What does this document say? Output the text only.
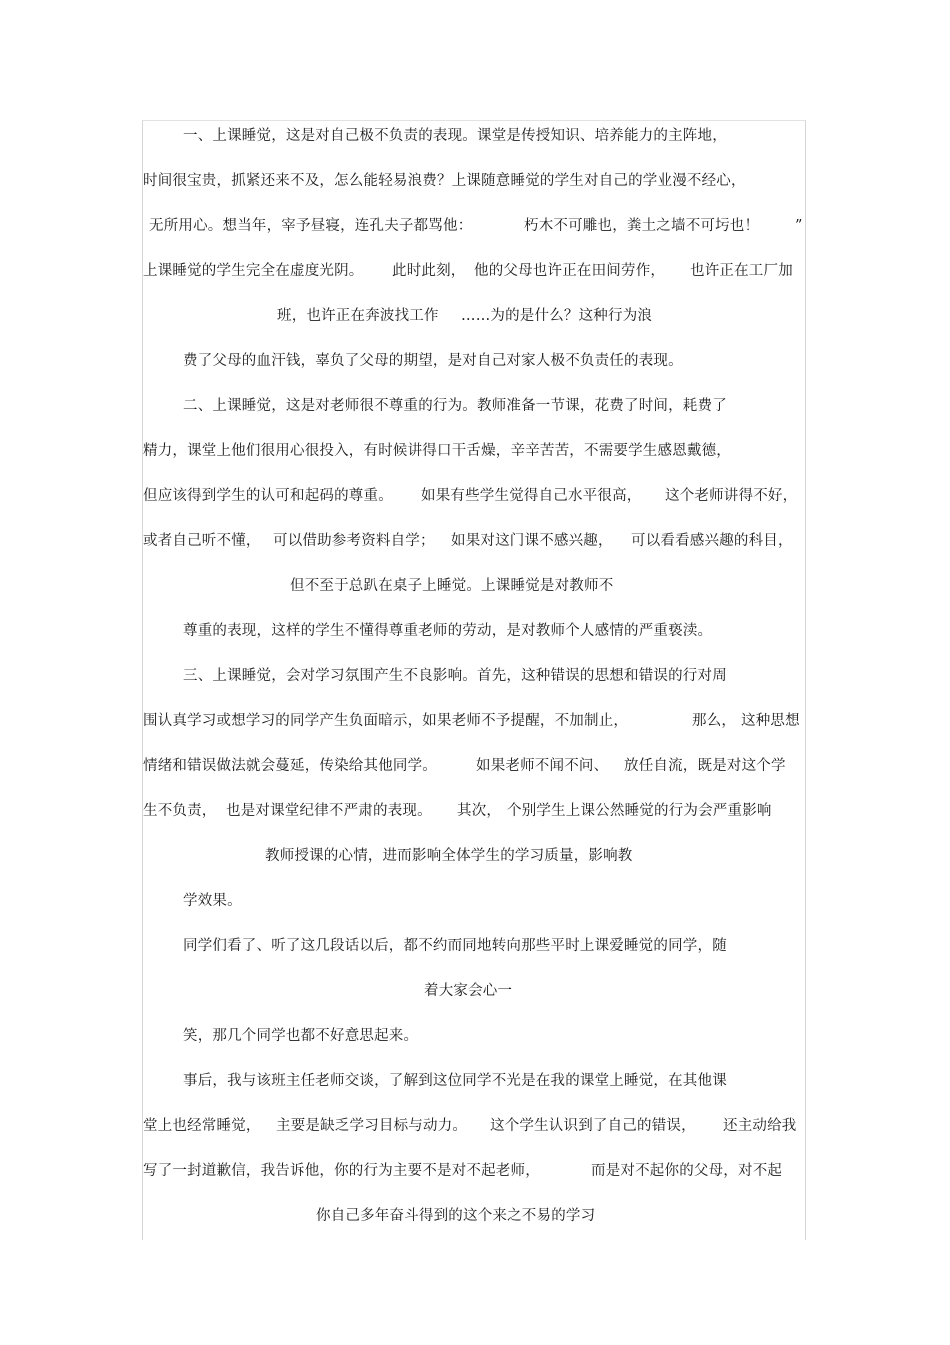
一、上课睡觉，这是对自己极不负责的表现。课堂是传授知识、培养能力的主阵地，
时间很宝贵，抓紧还来不及，怎么能轻易浪费？上课随意睡觉的学生对自己的学业漫不经心，
无所用心。想当年，宰予昼寝，连孔夫子都骂他：	朽木不可雕也，粪土之墙不可圬也！ ”
上课睡觉的学生完全在虚度光阴。 此时此刻， 他的父母也许正在田间劳作， 也许正在工厂加
班，也许正在奔波找工作 ……为的是什么？这种行为浪
费了父母的血汗钱，辜负了父母的期望，是对自己对家人极不负责任的表现。
二、上课睡觉，这是对老师很不尊重的行为。教师准备一节课，花费了时间，耗费了
精力，课堂上他们很用心很投入，有时候讲得口干舌燥，辛辛苦苦，不需要学生感恩戴德，
但应该得到学生的认可和起码的尊重。 如果有些学生觉得自己水平很高， 这个老师讲得不好，
或者自己听不懂， 可以借助参考资料自学； 如果对这门课不感兴趣， 可以看看感兴趣的科目，
但不至于总趴在桌子上睡觉。上课睡觉是对教师不
尊重的表现，这样的学生不懂得尊重老师的劳动，是对教师个人感情的严重亵渎。
三、上课睡觉，会对学习氛围产生不良影响。首先，这种错误的思想和错误的行对周
围认真学习或想学习的同学产生负面暗示，如果老师不予提醒，不加制止，	那么， 这种思想
情绪和错误做法就会蔓延，传染给其他同学。	如果老师不闻不问、 放任自流，既是对这个学
生不负责， 也是对课堂纪律不严肃的表现。 其次， 个别学生上课公然睡觉的行为会严重影响
教师授课的心情，进而影响全体学生的学习质量，影响教
学效果。
同学们看了、听了这几段话以后，都不约而同地转向那些平时上课爱睡觉的同学，随
着大家会心一
笑，那几个同学也都不好意思起来。
事后，我与该班主任老师交谈，了解到这位同学不光是在我的课堂上睡觉，在其他课
堂上也经常睡觉， 主要是缺乏学习目标与动力。 这个学生认识到了自己的错误， 还主动给我
写了一封道歉信，我告诉他，你的行为主要不是对不起老师，	而是对不起你的父母，对不起
你自己多年奋斗得到的这个来之不易的学习
